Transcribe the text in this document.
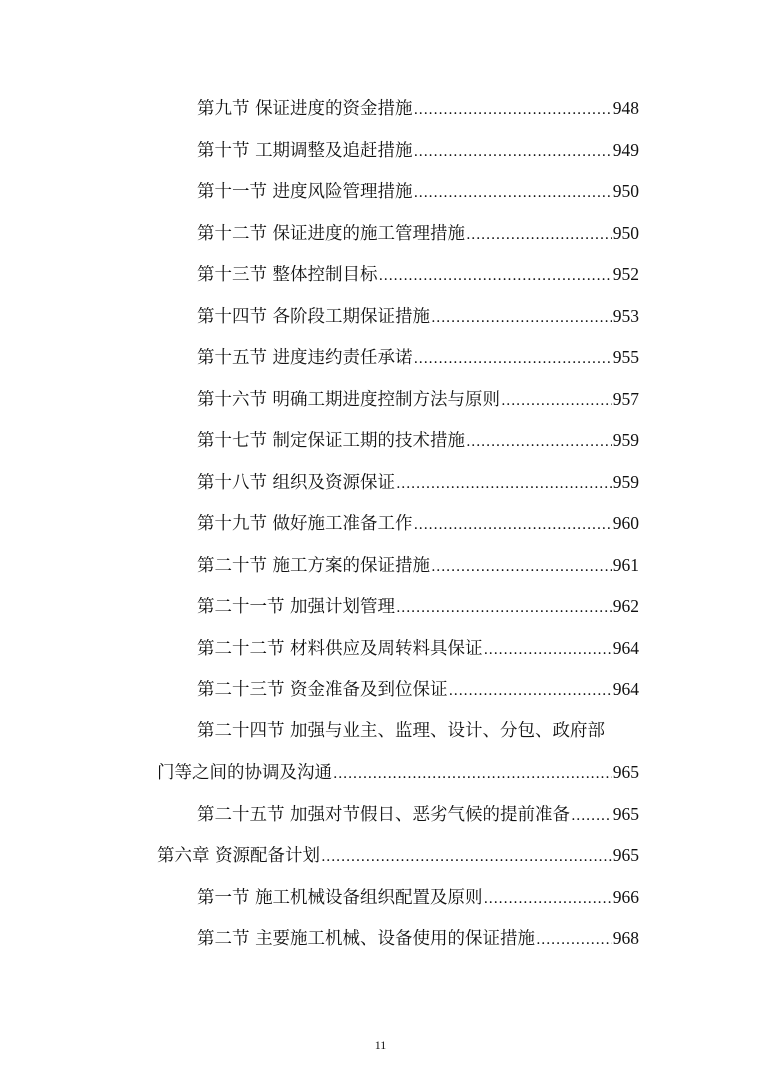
第九节 保证进度的资金措施 .....	948
第十节 工期调整及追赶措施 .....	949
第十一节 进度风险管理措施 .....	950
第十二节 保证进度的施工管理措施 .....	950
第十三节 整体控制目标 .....	952
第十四节 各阶段工期保证措施 .....	953
第十五节 进度违约责任承诺 .....	955
第十六节 明确工期进度控制方法与原则 .....	957
第十七节 制定保证工期的技术措施 .....	959
第十八节 组织及资源保证 .....	959
第十九节 做好施工准备工作 .....	960
第二十节 施工方案的保证措施 .....	961
第二十一节 加强计划管理 .....	962
第二十二节 材料供应及周转料具保证 .....	964
第二十三节 资金准备及到位保证 .....	964
第二十四节 加强与业主、监理、设计、分包、政府部
门等之间的协调及沟通 .....	965
第二十五节 加强对节假日、恶劣气候的提前准备 ..... 965
第六章 资源配备计划 .....	965
第一节 施工机械设备组织配置及原则 .....	966
第二节 主要施工机械、设备使用的保证措施 .....	968
11
